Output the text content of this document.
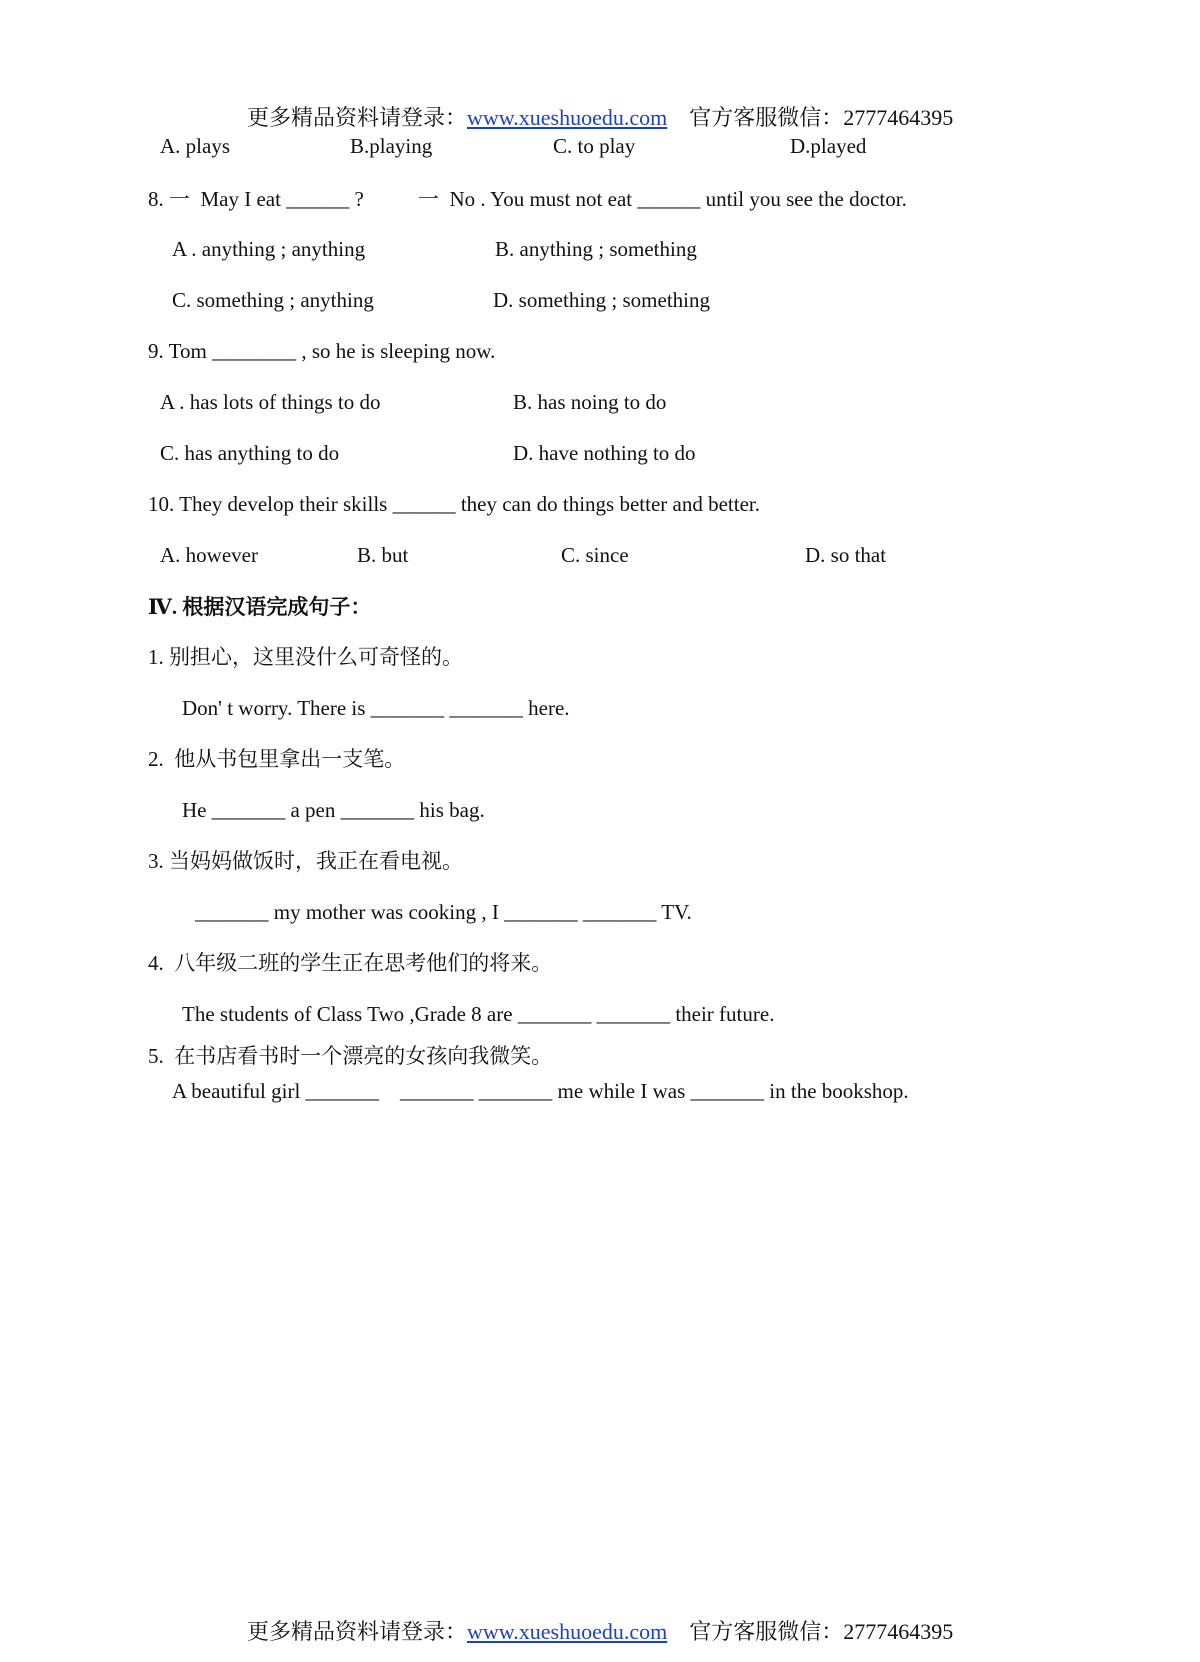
更多精品资料请登录：www.xueshuoedu.com 官方客服微信：2777464395

A. plays	B.playing	C. to play	D.played
8. 一  May I eat ______ ?	一  No . You must not eat ______ until you see the doctor.
A . anything ; anything	B. anything ; something
C. something ; anything	D. something ; something
9. Tom ________ , so he is sleeping now.
A . has lots of things to do	B. has noing to do
C. has anything to do	D. have nothing to do
10. They develop their skills ______ they can do things better and better.
A. however	B. but	C. since	D. so that
Ⅳ. 根据汉语完成句子：
1. 别担心，这里没什么可奇怪的。
Don' t worry. There is _______ _______ here.
2.  他从书包里拿出一支笔。
He _______ a pen _______ his bag.
3. 当妈妈做饭时，我正在看电视。
_______ my mother was cooking , I _______ _______ TV.
4.  八年级二班的学生正在思考他们的将来。
The students of Class Two ,Grade 8 are _______ _______ their future.
5.  在书店看书时一个漂亮的女孩向我微笑。
A beautiful girl _______    _______ _______ me while I was _______ in the bookshop.

更多精品资料请登录：www.xueshuoedu.com 官方客服微信：2777464395
